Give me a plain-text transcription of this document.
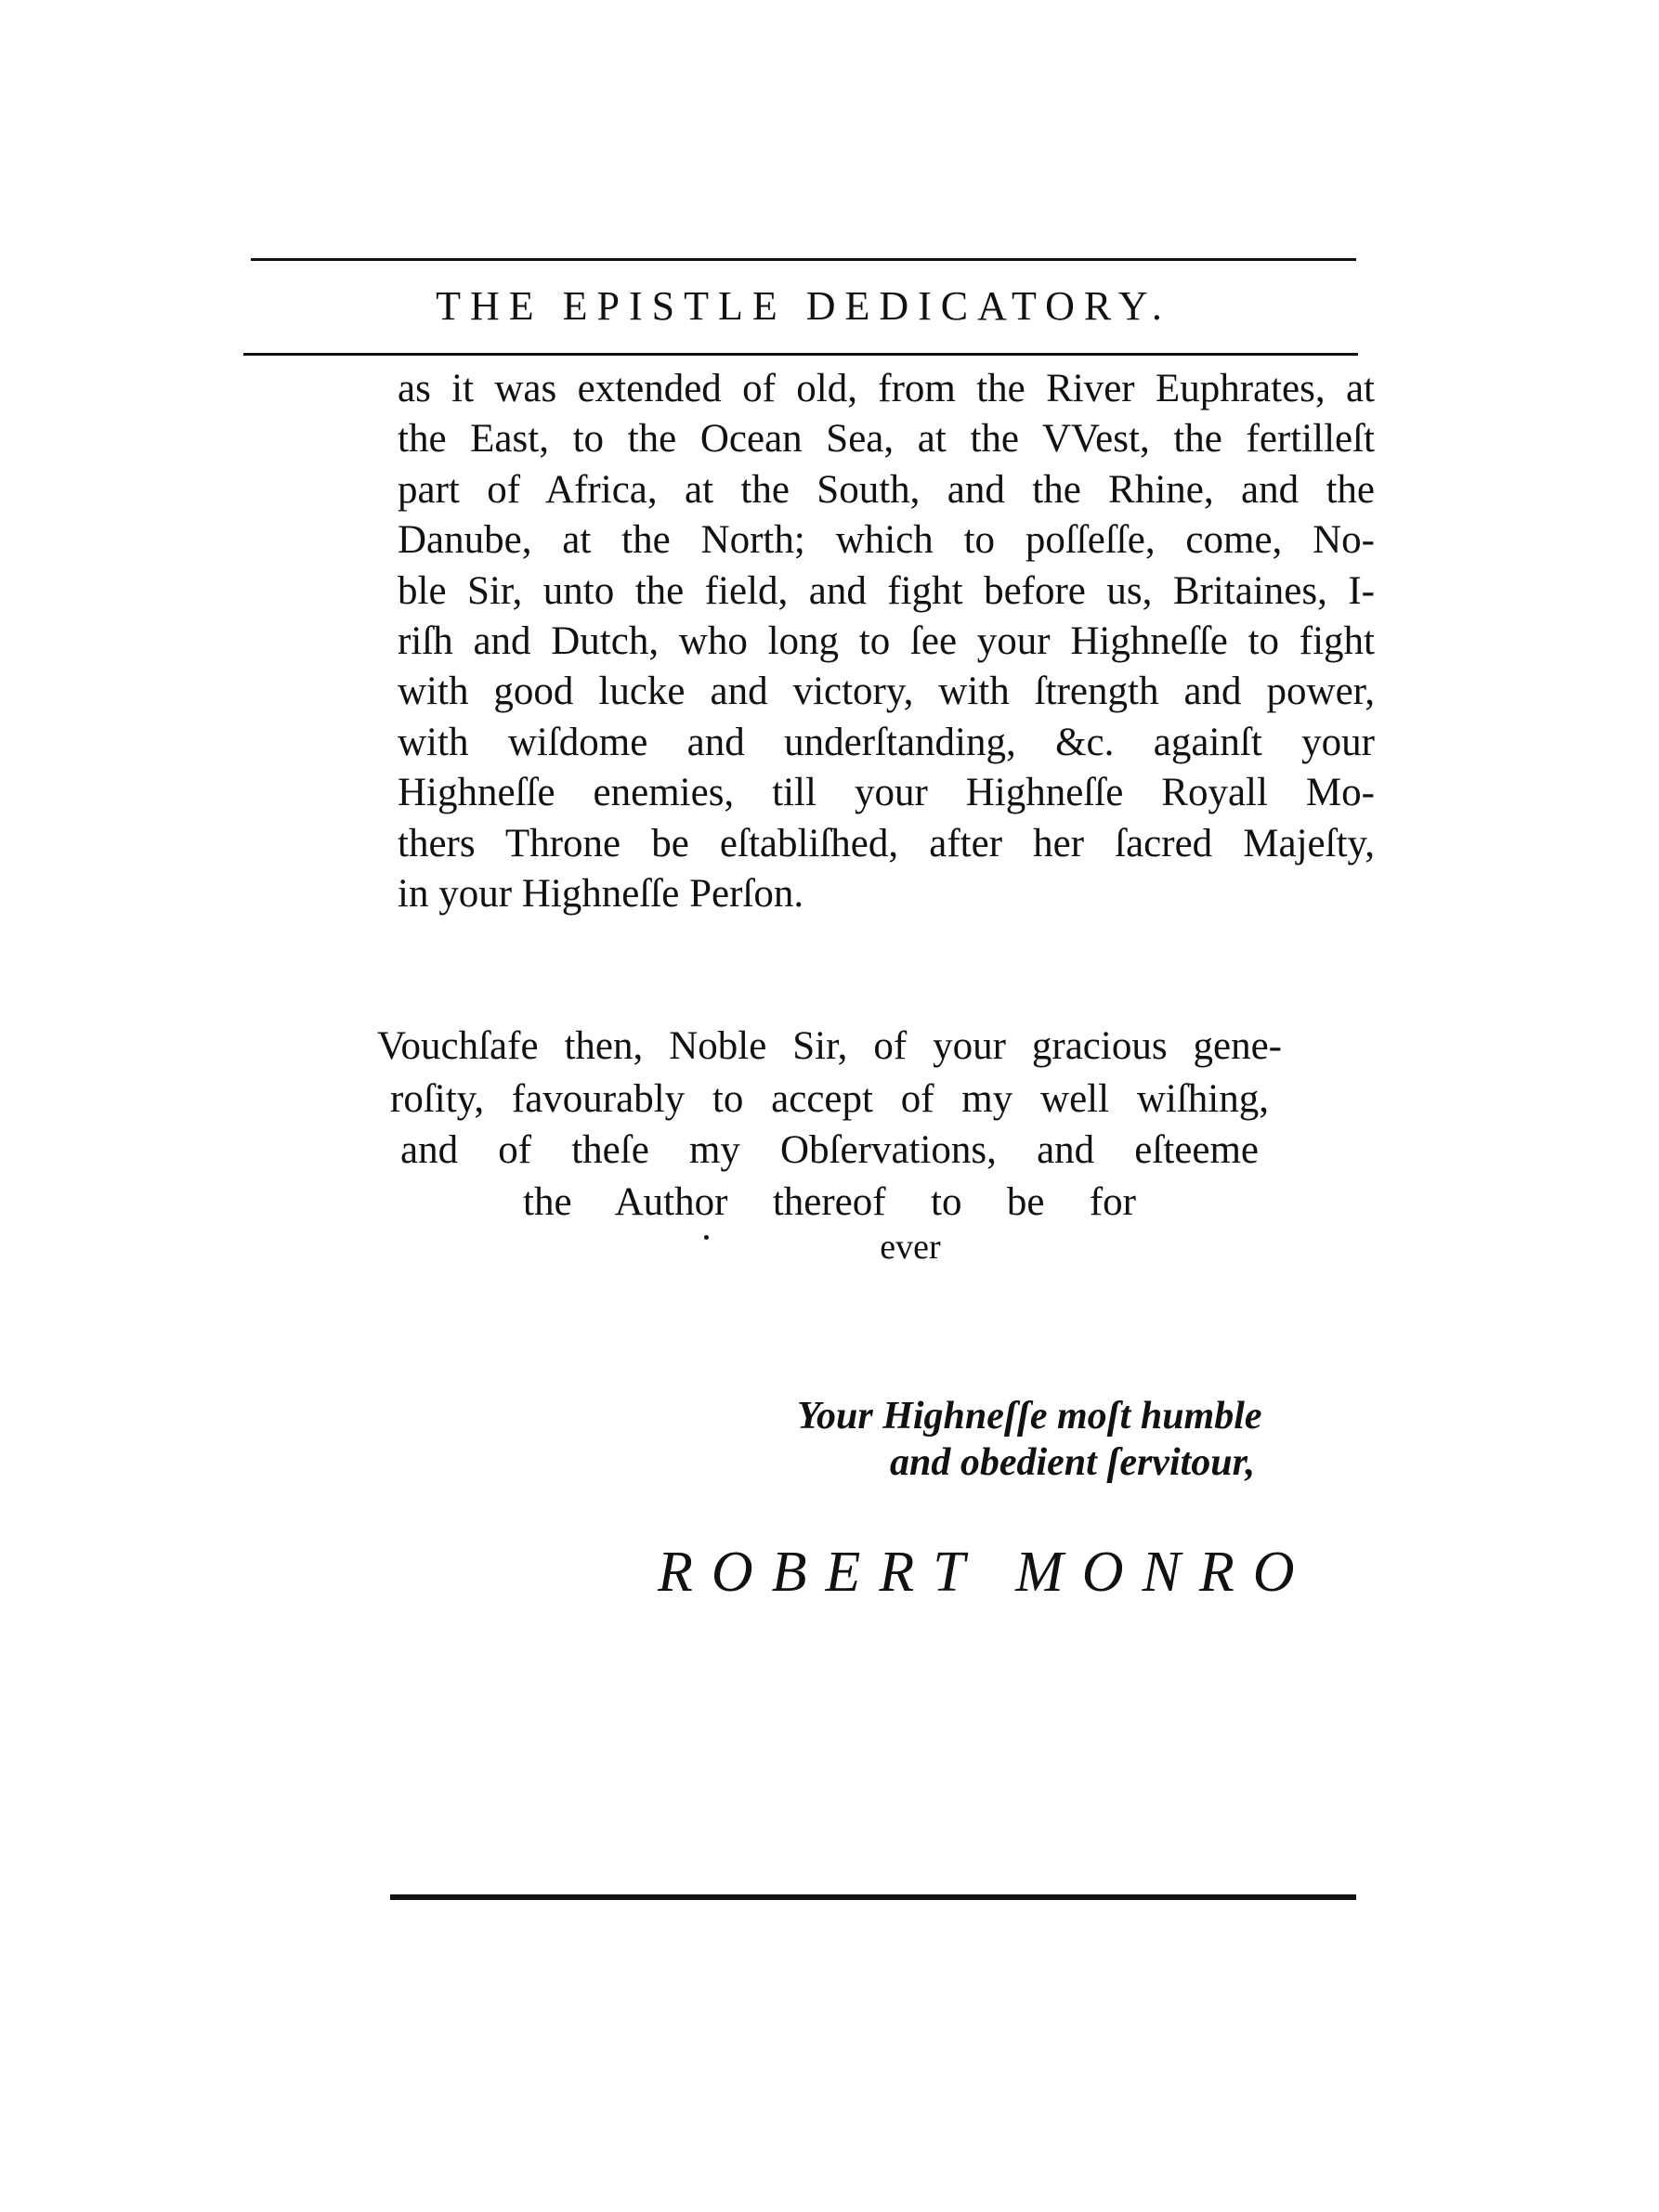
THE EPISTLE DEDICATORY.
as it was extended of old, from the River Euphrates, at
the East, to the Ocean Sea, at the VVest, the fertilleſt
part of Africa, at the South, and the Rhine, and the
Danube, at the North; which to poſſeſſe, come, No-
ble Sir, unto the field, and fight before us, Britaines, I-
riſh and Dutch, who long to ſee your Highneſſe to fight
with good lucke and victory, with ſtrength and power,
with wiſdome and underſtanding, &c. againſt your
Highneſſe enemies, till your Highneſſe Royall Mo-
thers Throne be eſtabliſhed, after her ſacred Majeſty,
in your Highneſſe Perſon.
Vouchſafe then, Noble Sir, of your gracious gene-
roſity, favourably to accept of my well wiſhing,
and of theſe my Obſervations, and eſteeme
the Author thereof to be for
ever
Your Highneſſe moſt humble
and obedient ſervitour,
ROBERT MONRO
